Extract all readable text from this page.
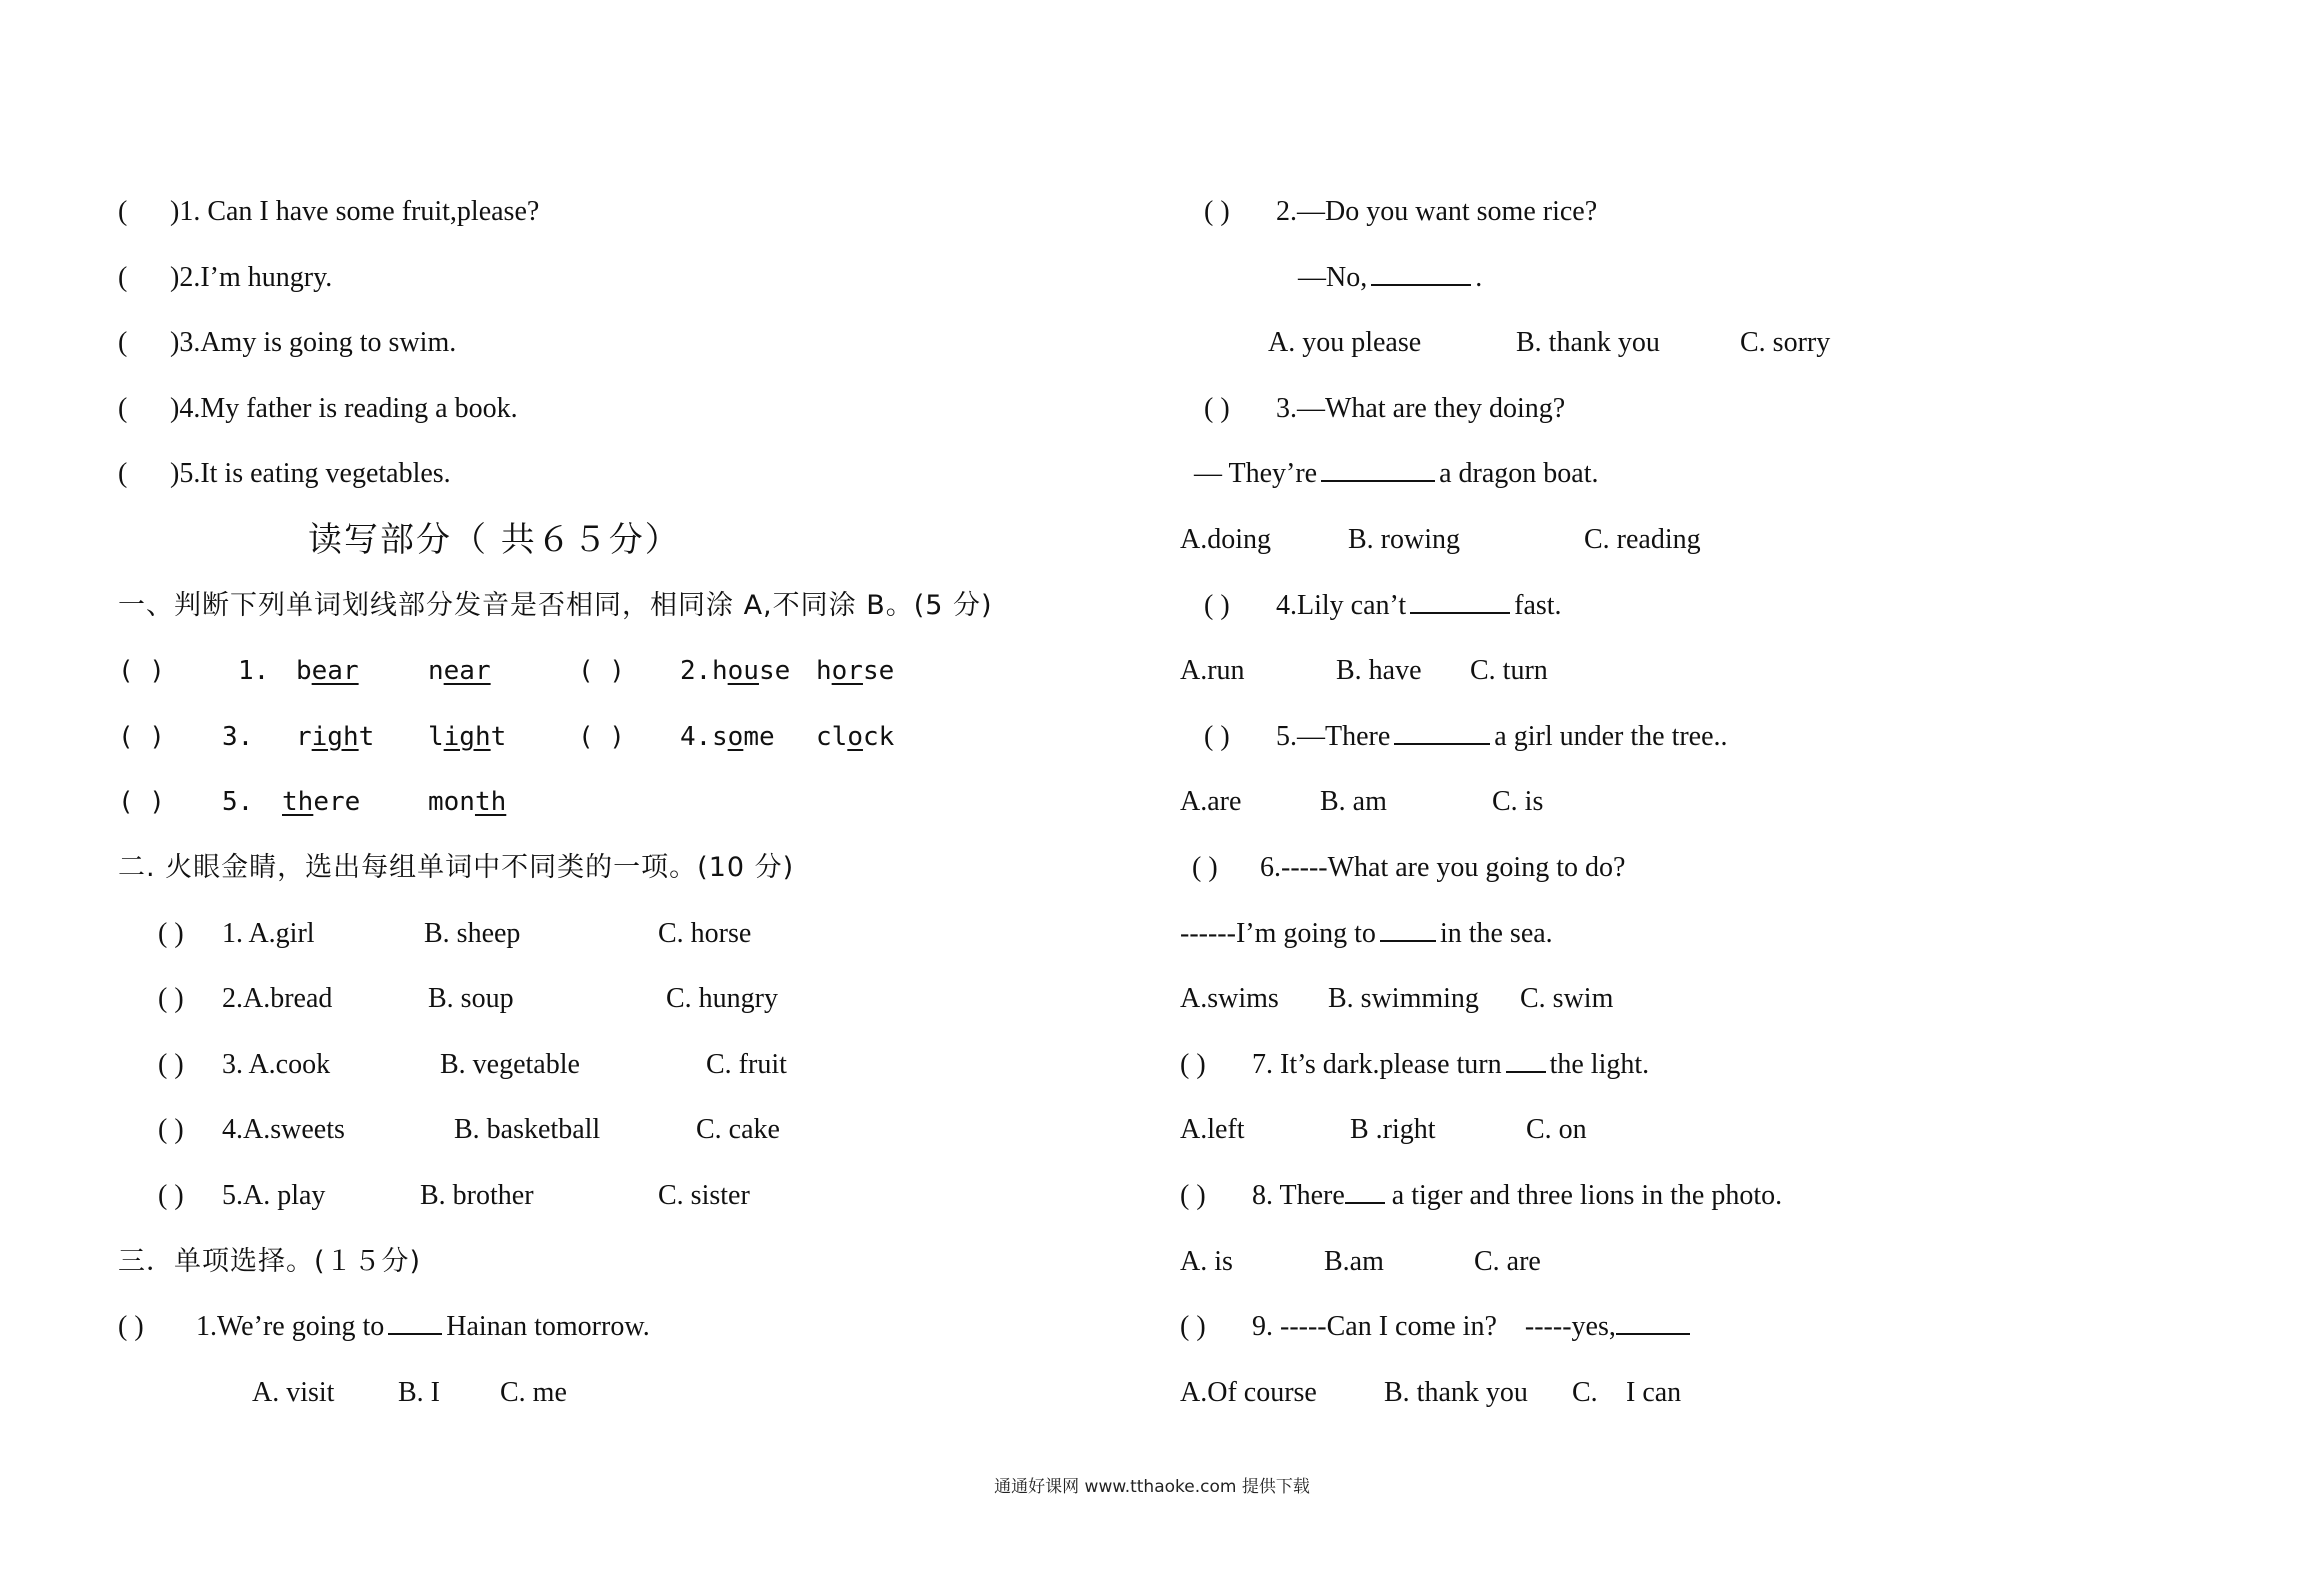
( )1. Can I have some fruit,please?
( )2.I’m hungry.
( )3.Amy is going to swim.
( )4.My father is reading a book.
( )5.It is eating vegetables.
读写部分（ 共６５分）
一、判断下列单词划线部分发音是否相同，相同涂 A,不同涂 B。(5 分)
( )	1. bear	near	( ) 2. house horse
( ) 3. right light	( ) 4. some clock
( ) 5. there	month
二. 火眼金睛，选出每组单词中不同类的一项。(10 分)
( ) 1. A.girl	B. sheep	C. horse
( ) 2.A.bread	B. soup	C. hungry
( ) 3. A.cook	B. vegetable	C. fruit
( ) 4.A.sweets	B. basketball	C. cake
( ) 5.A. play	B. brother	C. sister
三．单项选择。(１５分)
( ) 1.We’re going to Hainan tomorrow.
A. visit B. I C. me
( ) 2.—Do you want some rice?
—No,	.
A. you please	B. thank you	C. sorry
( ) 3.—What are they doing?
— They’re	a dragon boat.
A.doing	B. rowing	C. reading
( ) 4.Lily can’t	fast.
A.run	B. have C. turn
( ) 5.—There	a girl under the tree..
A.are	B. am	C. is
( ) 6.-----What are you going to do?
------I’m going to in the sea.
A.swims B. swimming C. swim
( ) 7. It’s dark.please turn the light.
A.left	B .right	C. on
( ) 8. There a tiger and three lions in the photo.
A. is	B.am	C. are
( ) 9. -----Can I come in?    -----yes,
A.Of course B. thank you C. I can
通通好课网 www.tthaoke.com 提供下载
